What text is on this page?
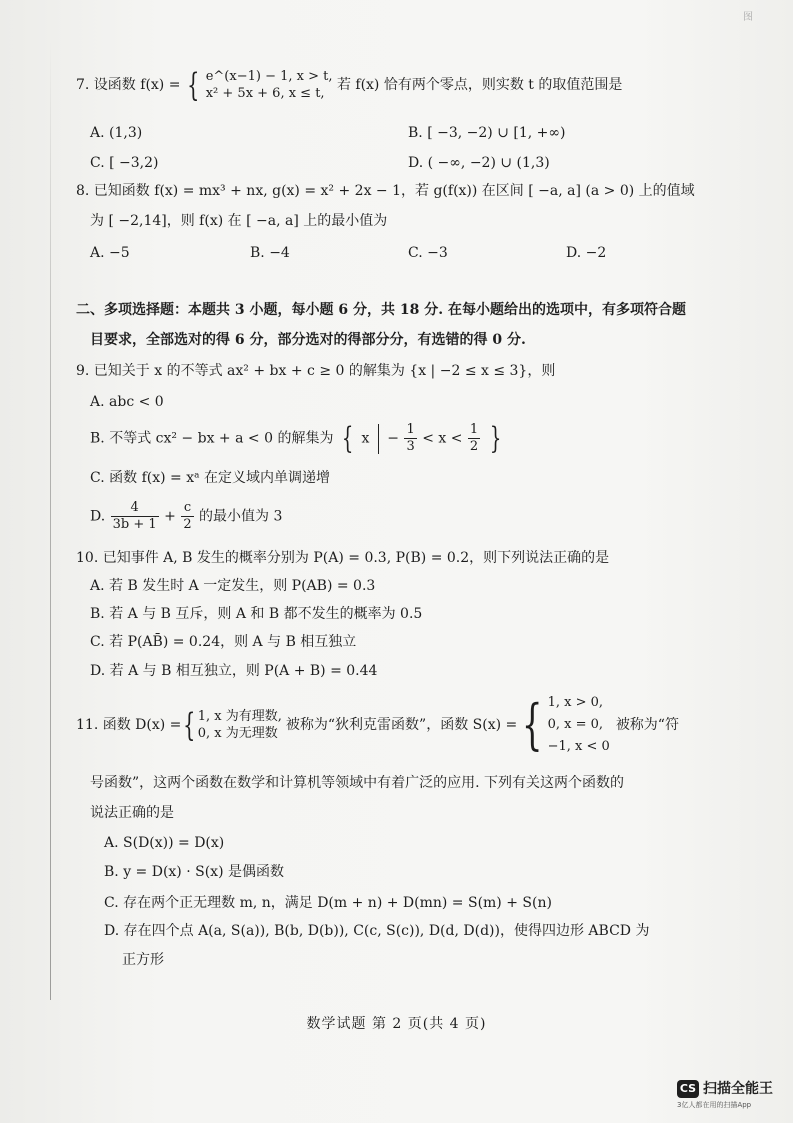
图
7. 设函数 f(x) = { e^(x−1) − 1, x > t,
x² + 5x + 6, x ≤ t,
若 f(x) 恰有两个零点，则实数 t 的取值范围是
A. (1,3)	B. [ −3, −2) ∪ [1, +∞)
C. [ −3,2)	D. ( −∞, −2) ∪ (1,3)
8. 已知函数 f(x) = mx³ + nx, g(x) = x² + 2x − 1，若 g(f(x)) 在区间 [ −a, a] (a > 0) 上的值域
为 [ −2,14]，则 f(x) 在 [ −a, a] 上的最小值为
A. −5	B. −4	C. −3	D. −2
二、多项选择题：本题共 3 小题，每小题 6 分，共 18 分. 在每小题给出的选项中，有多项符合题
目要求，全部选对的得 6 分，部分选对的得部分分，有选错的得 0 分.
9. 已知关于 x 的不等式 ax² + bx + c ≥ 0 的解集为 {x | −2 ≤ x ≤ 3}，则
A. abc < 0
B. 不等式 cx² − bx + a < 0 的解集为 { $x - \frac{1}{3} < x < \frac{1}{2}$ }
C. 函数 f(x) = xᵃ 在定义域内单调递增
D. $\frac{4}{3b + 1} + \frac{c}{2}$ 的最小值为 3
10. 已知事件 A, B 发生的概率分别为 P(A) = 0.3, P(B) = 0.2，则下列说法正确的是
A. 若 B 发生时 A 一定发生，则 P(AB) = 0.3
B. 若 A 与 B 互斥，则 A 和 B 都不发生的概率为 0.5
C. 若 P(AB̄) = 0.24，则 A 与 B 相互独立
D. 若 A 与 B 相互独立，则 P(A + B) = 0.44
11. 函数 D(x) = { 1, x 为有理数,
0, x 为无理数
被称为“狄利克雷函数”，函数 S(x) = { 1, x > 0,
0, x = 0,
−1, x < 0
被称为“符
号函数”，这两个函数在数学和计算机等领域中有着广泛的应用. 下列有关这两个函数的
说法正确的是
A. S(D(x)) = D(x)
B. y = D(x) · S(x) 是偶函数
C. 存在两个正无理数 m, n，满足 D(m + n) + D(mn) = S(m) + S(n)
D. 存在四个点 A(a, S(a)), B(b, D(b)), C(c, S(c)), D(d, D(d))，使得四边形 ABCD 为
正方形
数学试题 第 2 页(共 4 页)
CS 扫描全能王
3亿人都在用的扫描App
